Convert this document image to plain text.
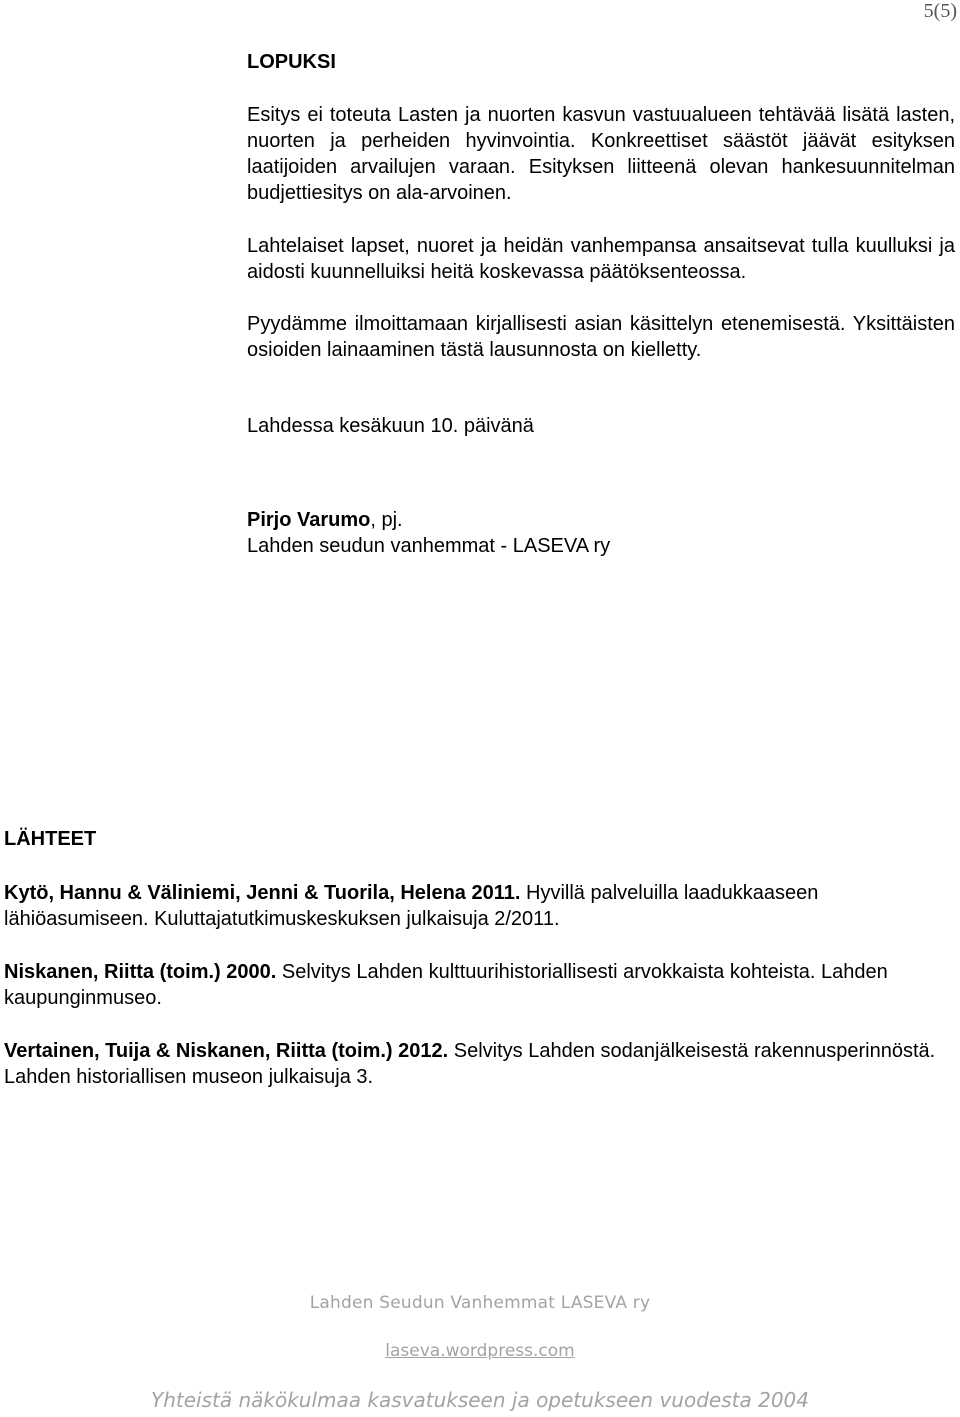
5(5)
LOPUKSI

Esitys ei toteuta Lasten ja nuorten kasvun vastuualueen tehtävää lisätä lasten, nuorten ja perheiden hyvinvointia. Konkreettiset säästöt jäävät esityksen laatijoiden arvailujen varaan. Esityksen liitteenä olevan hankesuunnitelman budjettiesitys on ala-arvoinen.

Lahtelaiset lapset, nuoret ja heidän vanhempansa ansaitsevat tulla kuulluksi ja aidosti kuunnelluiksi heitä koskevassa päätöksenteossa.

Pyydämme ilmoittamaan kirjallisesti asian käsittelyn etenemisestä. Yksittäisten osioiden lainaaminen tästä lausunnosta on kielletty.

Lahdessa kesäkuun 10. päivänä

Pirjo Varumo, pj.
Lahden seudun vanhemmat - LASEVA ry
LÄHTEET

Kytö, Hannu & Väliniemi, Jenni & Tuorila, Helena 2011. Hyvillä palveluilla laadukkaaseen lähiöasumiseen. Kuluttajatutkimuskeskuksen julkaisuja 2/2011.

Niskanen, Riitta (toim.) 2000. Selvitys Lahden kulttuurihistoriallisesti arvokkaista kohteista. Lahden kaupunginmuseo.

Vertainen, Tuija & Niskanen, Riitta (toim.) 2012. Selvitys Lahden sodanjälkeisestä rakennusperinnöstä. Lahden historiallisen museon julkaisuja 3.

Lahden Seudun Vanhemmat LASEVA ry
laseva.wordpress.com
Yhteistä näkökulmaa kasvatukseen ja opetukseen vuodesta 2004
